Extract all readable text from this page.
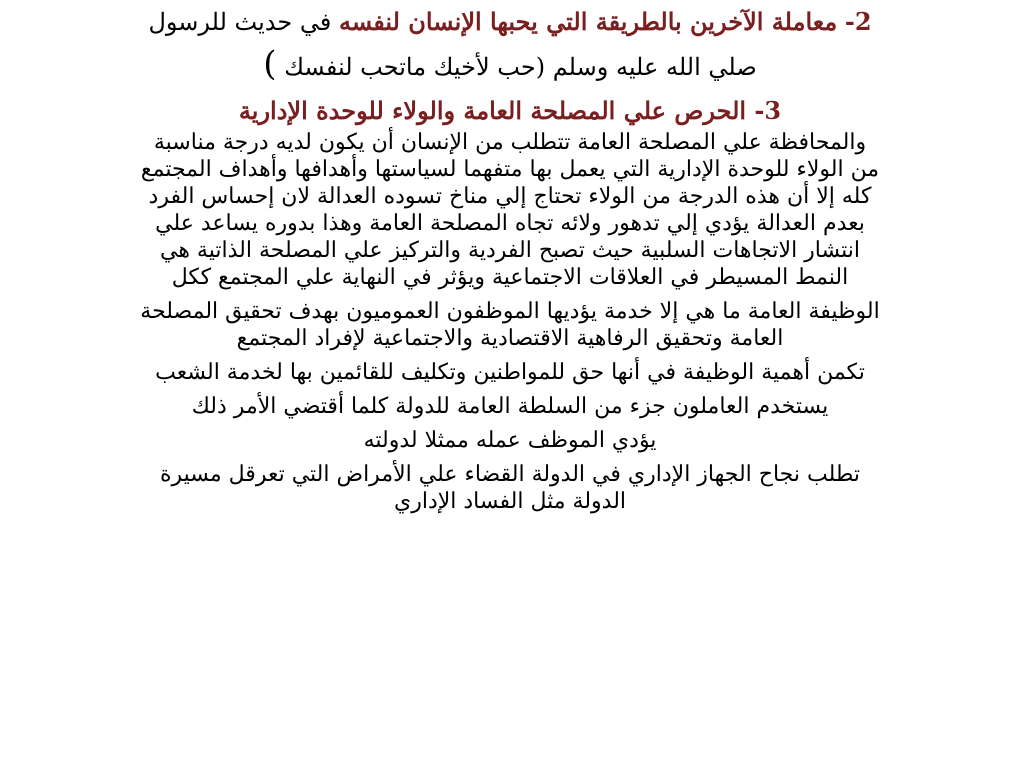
2- معاملة الآخرين بالطريقة التي يحبها الإنسان لنفسه في حديث للرسول

صلي الله عليه وسلم (حب لأخيك ماتحب لنفسك )

3- الحرص علي المصلحة العامة والولاء للوحدة الإدارية

والمحافظة علي المصلحة العامة تتطلب من الإنسان أن يكون لديه درجة مناسبة
من الولاء للوحدة الإدارية التي يعمل بها متفهما لسياستها وأهدافها وأهداف المجتمع
كله إلا أن هذه الدرجة من الولاء تحتاج إلي مناخ تسوده العدالة لان إحساس الفرد
بعدم العدالة يؤدي إلي تدهور ولائه تجاه المصلحة العامة وهذا بدوره يساعد علي
انتشار الاتجاهات السلبية حيث تصبح الفردية والتركيز علي المصلحة الذاتية هي
النمط المسيطر في العلاقات الاجتماعية ويؤثر في النهاية علي المجتمع ككل

الوظيفة العامة ما هي إلا خدمة يؤديها الموظفون العموميون بهدف تحقيق المصلحة
العامة وتحقيق الرفاهية الاقتصادية والاجتماعية لإفراد المجتمع

تكمن أهمية الوظيفة في أنها حق للمواطنين وتكليف للقائمين بها لخدمة الشعب

يستخدم العاملون جزء من السلطة العامة للدولة كلما أقتضي الأمر ذلك

يؤدي الموظف عمله ممثلا لدولته

تطلب نجاح الجهاز الإداري في الدولة القضاء علي الأمراض التي تعرقل مسيرة
الدولة مثل الفساد الإداري
